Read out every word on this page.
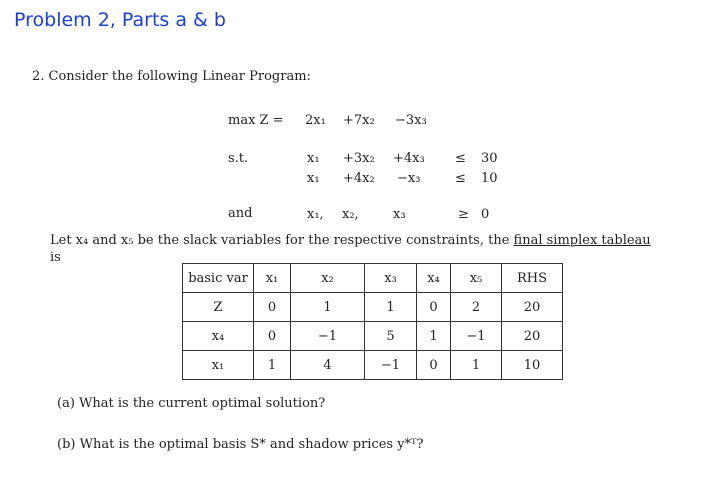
Problem 2, Parts a & b
2. Consider the following Linear Program:
max Z = 2x₁ +7x₂ −3x₃
s.t.	x₁ +3x₂ +4x₃ ≤ 30
x₁ +4x₂ −x₃	≤ 10
and	x₁, x₂,	x₃	≥ 0
Let x₄ and x₅ be the slack variables for the respective constraints, the final simplex tableau
is
basic var	x₁	x₂	x₃	x₄	x₅	RHS
Z	0	1	1	0	2	20
x₄	0	−1	5	1	−1	20
x₁	1	4	−1	0	1	10
(a) What is the current optimal solution?
(b) What is the optimal basis S* and shadow prices y*ᵀ?
